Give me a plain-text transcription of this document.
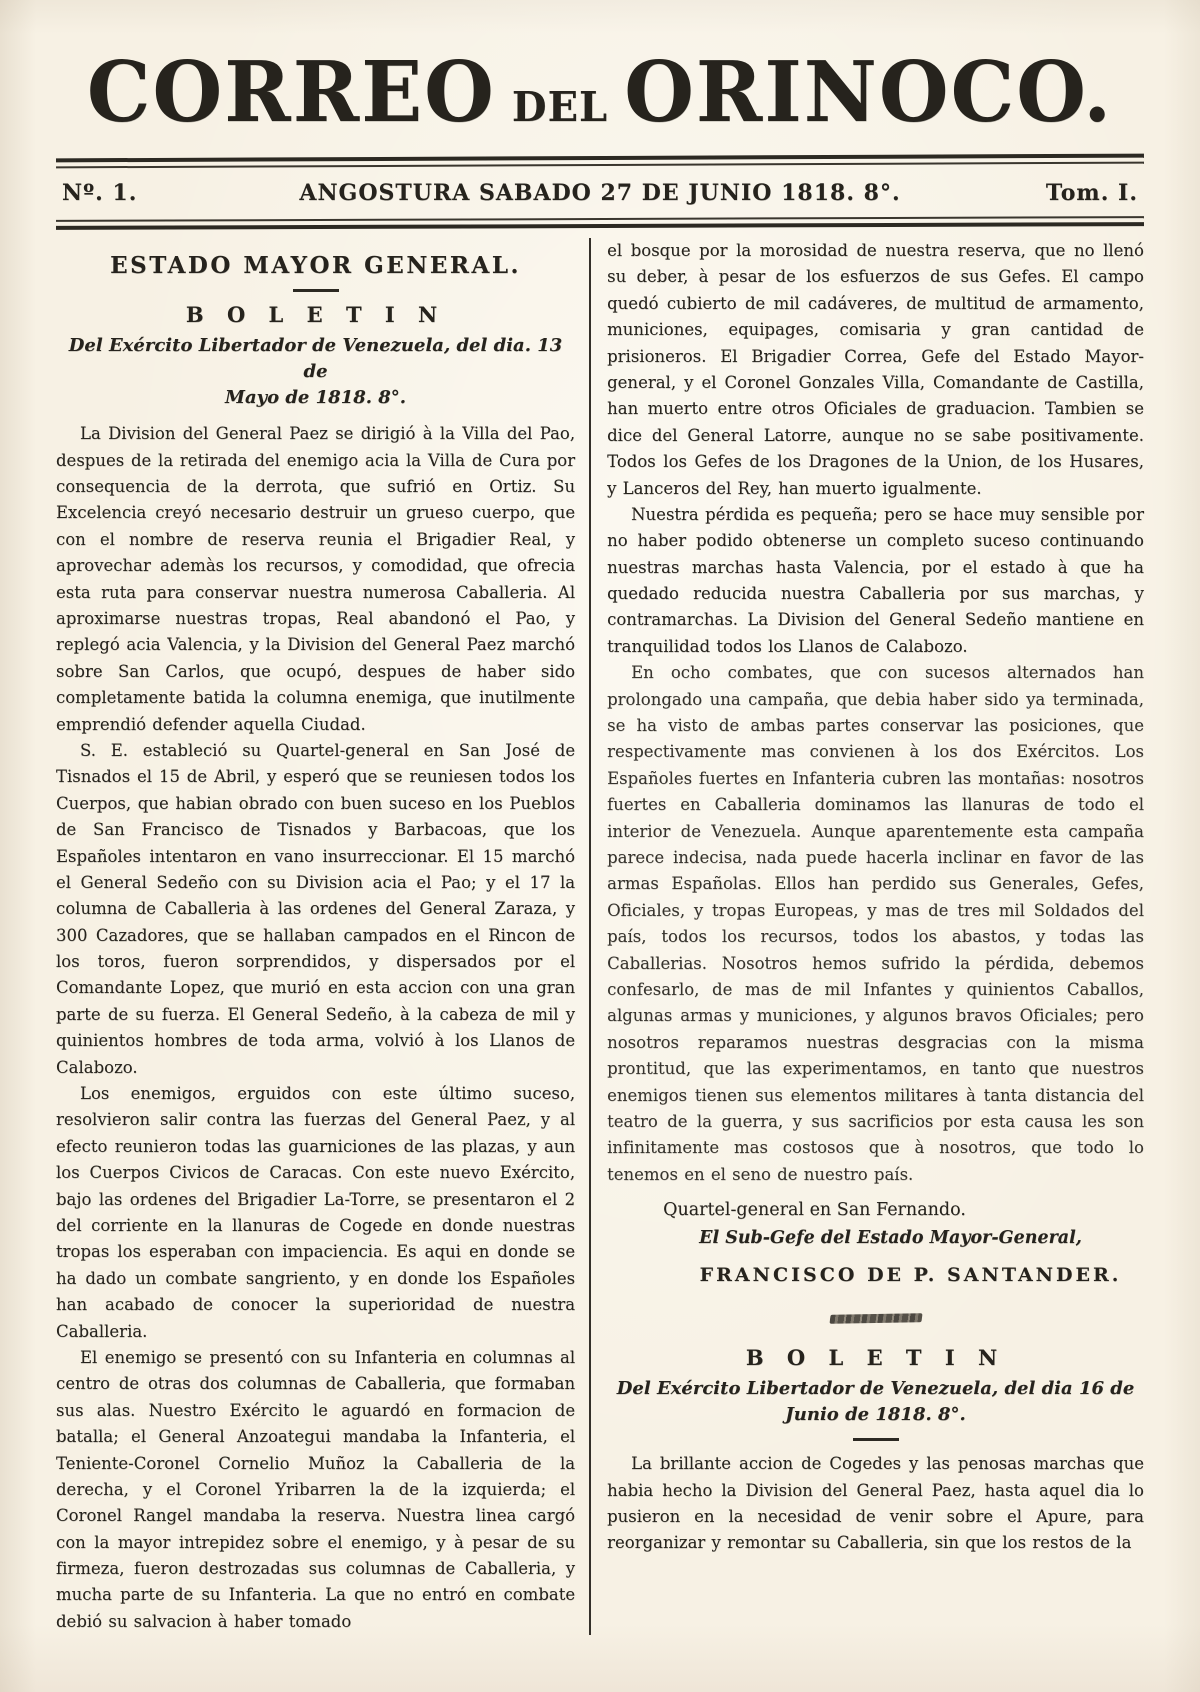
CORREO DEL ORINOCO.
Nº. 1.	ANGOSTURA SABADO 27 DE JUNIO 1818. 8°.	Tom. I.
ESTADO MAYOR GENERAL.
B O L E T I N

Del Exército Libertador de Venezuela, del dia. 13 de
Mayo de 1818. 8°.

La Division del General Paez se dirigió à la Villa del Pao, despues de la retirada del enemigo acia la Villa de Cura por consequencia de la derrota, que sufrió en Ortiz. Su Excelencia creyó necesario destruir un grueso cuerpo, que con el nombre de reserva reunia el Brigadier Real, y aprovechar ademàs los recursos, y comodidad, que ofrecia esta ruta para conservar nuestra numerosa Caballeria. Al aproximarse nuestras tropas, Real abandonó el Pao, y replegó acia Valencia, y la Division del General Paez marchó sobre San Carlos, que ocupó, despues de haber sido completamente batida la columna enemiga, que inutilmente emprendió defender aquella Ciudad.

S. E. estableció su Quartel-general en San José de Tisnados el 15 de Abril, y esperó que se reuniesen todos los Cuerpos, que habian obrado con buen suceso en los Pueblos de San Francisco de Tisnados y Barbacoas, que los Españoles intentaron en vano insurreccionar. El 15 marchó el General Sedeño con su Division acia el Pao; y el 17 la columna de Caballeria à las ordenes del General Zaraza, y 300 Cazadores, que se hallaban campados en el Rincon de los toros, fueron sorprendidos, y dispersados por el Comandante Lopez, que murió en esta accion con una gran parte de su fuerza. El General Sedeño, à la cabeza de mil y quinientos hombres de toda arma, volvió à los Llanos de Calabozo.

Los enemigos, erguidos con este último suceso, resolvieron salir contra las fuerzas del General Paez, y al efecto reunieron todas las guarniciones de las plazas, y aun los Cuerpos Civicos de Caracas. Con este nuevo Exército, bajo las ordenes del Brigadier La-Torre, se presentaron el 2 del corriente en la llanuras de Cogede en donde nuestras tropas los esperaban con impaciencia. Es aqui en donde se ha dado un combate sangriento, y en donde los Españoles han acabado de conocer la superioridad de nuestra Caballeria.

El enemigo se presentó con su Infanteria en columnas al centro de otras dos columnas de Caballeria, que formaban sus alas. Nuestro Exército le aguardó en formacion de batalla; el General Anzoategui mandaba la Infanteria, el Teniente-Coronel Cornelio Muñoz la Caballeria de la derecha, y el Coronel Yribarren la de la izquierda; el Coronel Rangel mandaba la reserva. Nuestra linea cargó con la mayor intrepidez sobre el enemigo, y à pesar de su firmeza, fueron destrozadas sus columnas de Caballeria, y mucha parte de su Infanteria. La que no entró en combate debió su salvacion à haber tomado

el bosque por la morosidad de nuestra reserva, que no llenó su deber, à pesar de los esfuerzos de sus Gefes. El campo quedó cubierto de mil cadáveres, de multitud de armamento, municiones, equipages, comisaria y gran cantidad de prisioneros. El Brigadier Correa, Gefe del Estado Mayor-general, y el Coronel Gonzales Villa, Comandante de Castilla, han muerto entre otros Oficiales de graduacion. Tambien se dice del General Latorre, aunque no se sabe positivamente. Todos los Gefes de los Dragones de la Union, de los Husares, y Lanceros del Rey, han muerto igualmente.

Nuestra pérdida es pequeña; pero se hace muy sensible por no haber podido obtenerse un completo suceso continuando nuestras marchas hasta Valencia, por el estado à que ha quedado reducida nuestra Caballeria por sus marchas, y contramarchas. La Division del General Sedeño mantiene en tranquilidad todos los Llanos de Calabozo.

En ocho combates, que con sucesos alternados han prolongado una campaña, que debia haber sido ya terminada, se ha visto de ambas partes conservar las posiciones, que respectivamente mas convienen à los dos Exércitos. Los Españoles fuertes en Infanteria cubren las montañas: nosotros fuertes en Caballeria dominamos las llanuras de todo el interior de Venezuela. Aunque aparentemente esta campaña parece indecisa, nada puede hacerla inclinar en favor de las armas Españolas. Ellos han perdido sus Generales, Gefes, Oficiales, y tropas Europeas, y mas de tres mil Soldados del país, todos los recursos, todos los abastos, y todas las Caballerias. Nosotros hemos sufrido la pérdida, debemos confesarlo, de mas de mil Infantes y quinientos Caballos, algunas armas y municiones, y algunos bravos Oficiales; pero nosotros reparamos nuestras desgracias con la misma prontitud, que las experimentamos, en tanto que nuestros enemigos tienen sus elementos militares à tanta distancia del teatro de la guerra, y sus sacrificios por esta causa les son infinitamente mas costosos que à nosotros, que todo lo tenemos en el seno de nuestro país.

Quartel-general en San Fernando.

El Sub-Gefe del Estado Mayor-General,

FRANCISCO DE P. SANTANDER.

B O L E T I N

Del Exército Libertador de Venezuela, del dia 16 de
Junio de 1818. 8°.

La brillante accion de Cogedes y las penosas marchas que habia hecho la Division del General Paez, hasta aquel dia lo pusieron en la necesidad de venir sobre el Apure, para reorganizar y remontar su Caballeria, sin que los restos de la
